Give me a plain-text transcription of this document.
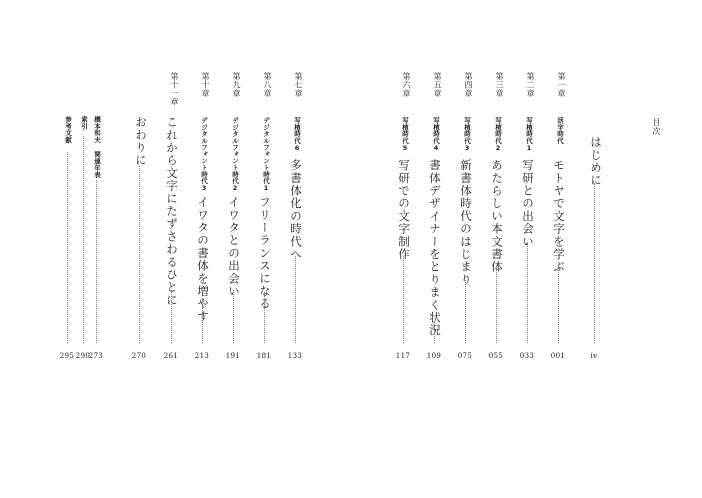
目次
はじめに
iv
第一章
活字時代
モトヤで文字を学ぶ
001
第二章
写植時代1
写研との出会い
033
第三章
写植時代2
あたらしい本文書体
055
第四章
写植時代3
新書体時代のはじまり
075
第五章
写植時代4
書体デザイナーをとりまく状況
109
第六章
写植時代5
写研での文字制作
117
第七章
写植時代6
多書体化の時代へ
133
第八章
デジタルフォント時代1
フリーランスになる
181
第九章
デジタルフォント時代2
イワタとの出会い
191
第十章
デジタルフォント時代3
イワタの書体を増やす
213
第十一章
これから文字にたずさわるひとに
261
おわりに
270
橋本和夫 関連年表
273
索引
290
参考文献
295
